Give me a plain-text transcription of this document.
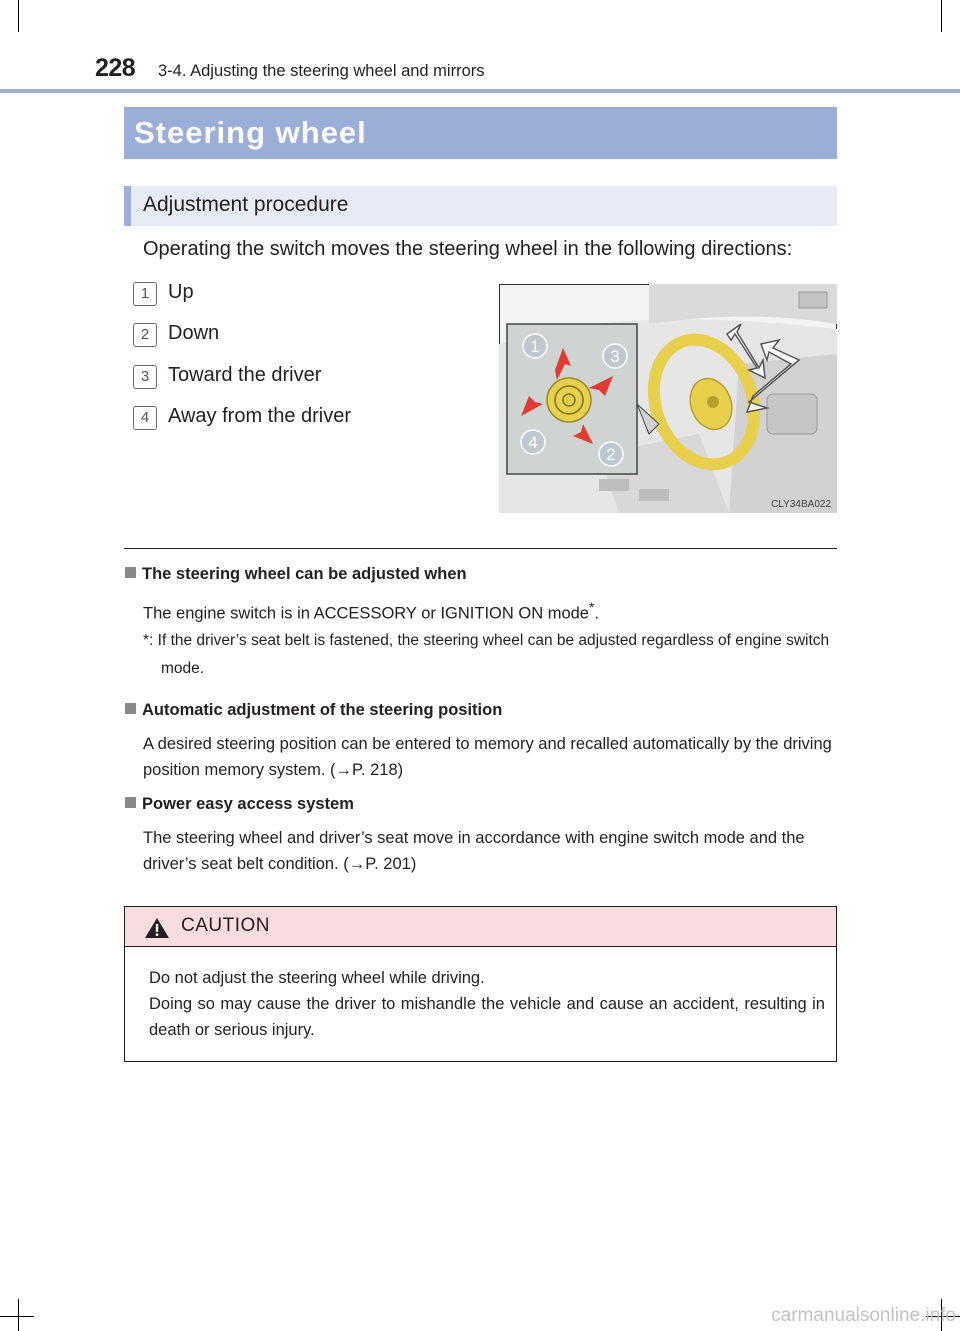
228 3-4. Adjusting the steering wheel and mirrors
Steering wheel
Adjustment procedure
Operating the switch moves the steering wheel in the following directions:
1 Up
2 Down
3 Toward the driver
4 Away from the driver
1
3
4
2
CLY34BA022
The steering wheel can be adjusted when
The engine switch is in ACCESSORY or IGNITION ON mode*.
*: If the driver’s seat belt is fastened, the steering wheel can be adjusted regardless of engine switch mode.
Automatic adjustment of the steering position
A desired steering position can be entered to memory and recalled automatically by the driving position memory system. (→P. 218)
Power easy access system
The steering wheel and driver’s seat move in accordance with engine switch mode and the driver’s seat belt condition. (→P. 201)
CAUTION
Do not adjust the steering wheel while driving.
Doing so may cause the driver to mishandle the vehicle and cause an accident, resulting in death or serious injury.
carmanualsonline.info
